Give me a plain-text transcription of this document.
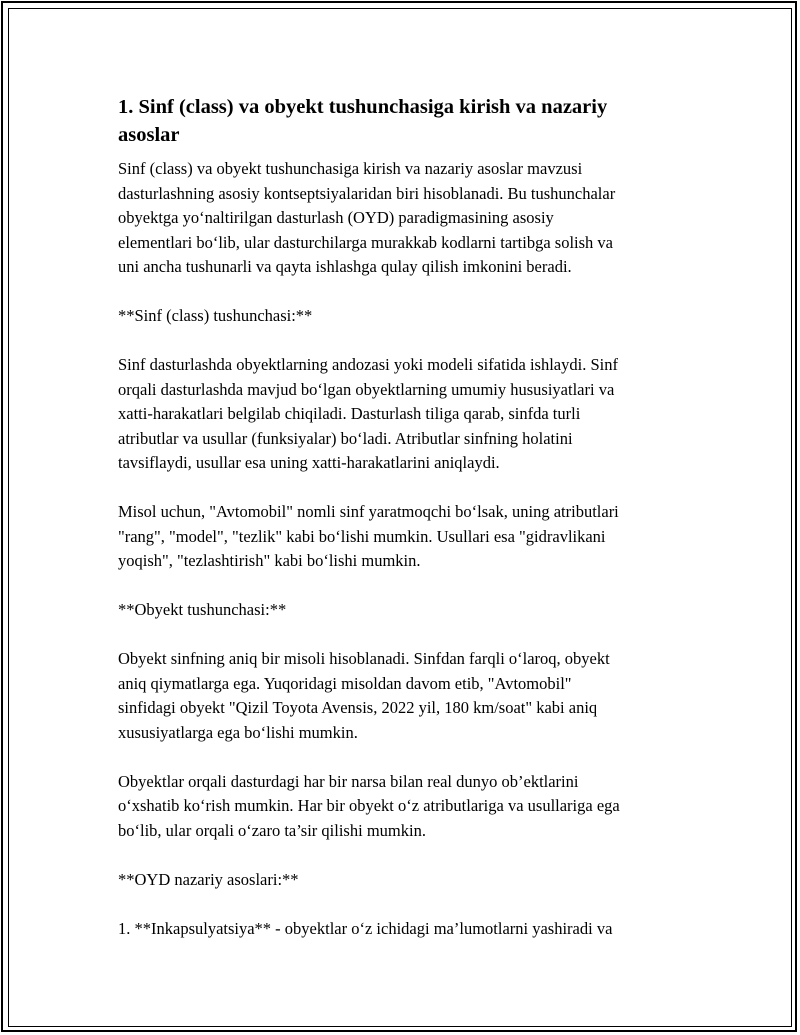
1. Sinf (class) va obyekt tushunchasiga kirish va nazariy
asoslar

Sinf (class) va obyekt tushunchasiga kirish va nazariy asoslar mavzusi
dasturlashning asosiy kontseptsiyalaridan biri hisoblanadi. Bu tushunchalar
obyektga yo‘naltirilgan dasturlash (OYD) paradigmasining asosiy
elementlari bo‘lib, ular dasturchilarga murakkab kodlarni tartibga solish va
uni ancha tushunarli va qayta ishlashga qulay qilish imkonini beradi.

**Sinf (class) tushunchasi:**

Sinf dasturlashda obyektlarning andozasi yoki modeli sifatida ishlaydi. Sinf
orqali dasturlashda mavjud bo‘lgan obyektlarning umumiy hususiyatlari va
xatti-harakatlari belgilab chiqiladi. Dasturlash tiliga qarab, sinfda turli
atributlar va usullar (funksiyalar) bo‘ladi. Atributlar sinfning holatini
tavsiflaydi, usullar esa uning xatti-harakatlarini aniqlaydi.

Misol uchun, "Avtomobil" nomli sinf yaratmoqchi bo‘lsak, uning atributlari
"rang", "model", "tezlik" kabi bo‘lishi mumkin. Usullari esa "gidravlikani
yoqish", "tezlashtirish" kabi bo‘lishi mumkin.

**Obyekt tushunchasi:**

Obyekt sinfning aniq bir misoli hisoblanadi. Sinfdan farqli o‘laroq, obyekt
aniq qiymatlarga ega. Yuqoridagi misoldan davom etib, "Avtomobil"
sinfidagi obyekt "Qizil Toyota Avensis, 2022 yil, 180 km/soat" kabi aniq
xususiyatlarga ega bo‘lishi mumkin.

Obyektlar orqali dasturdagi har bir narsa bilan real dunyo ob’ektlarini
o‘xshatib ko‘rish mumkin. Har bir obyekt o‘z atributlariga va usullariga ega
bo‘lib, ular orqali o‘zaro ta’sir qilishi mumkin.

**OYD nazariy asoslari:**

1. **Inkapsulyatsiya** - obyektlar o‘z ichidagi ma’lumotlarni yashiradi va
